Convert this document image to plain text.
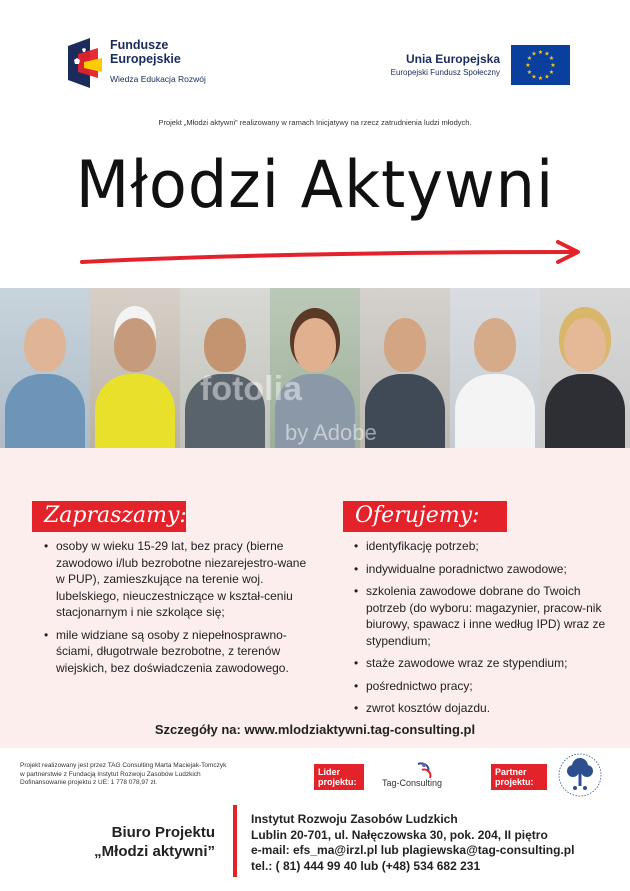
Fundusze
Europejskie
Wiedza Edukacja Rozwój
Unia Europejska
Europejski Fundusz Społeczny
★ ★
★
★
★
★
★
★
★
★
★
★
Projekt „Młodzi aktywni” realizowany w ramach Inicjatywy na rzecz zatrudnienia ludzi młodych.
Młodzi Aktywni
fotolia
by Adobe
Zapraszamy:	Oferujemy:
• osoby w wieku 15-29 lat, bez pracy (bierne zawodowo i/lub bezrobotne niezarejestro-wane w PUP), zamieszkujące na terenie woj. lubelskiego, nieuczestniczące w kształ-ceniu stacjonarnym i nie szkolące się;
• mile widziane są osoby z niepełnosprawno-ściami, długotrwale bezrobotne, z terenów wiejskich, bez doświadczenia zawodowego.
• identyfikację potrzeb;
• indywidualne poradnictwo zawodowe;
• szkolenia zawodowe dobrane do Twoich potrzeb (do wyboru: magazynier, pracow-nik biurowy, spawacz i inne według IPD) wraz ze stypendium;
• staże zawodowe wraz ze stypendium;
• pośrednictwo pracy;
• zwrot kosztów dojazdu.
Szczegóły na: www.mlodziaktywni.tag-consulting.pl
Projekt realizowany jest przez TAG Consulting Marta Maciejak-Tomczyk
w partnerstwie z Fundacją Instytut Rozwoju Zasobów Ludzkich
Dofinansowanie projektu z UE: 1 778 078,97 zł.
Lider
projektu:	Tag-Consulting
Partner
projektu:
Biuro Projektu
„Młodzi aktywni”
Instytut Rozwoju Zasobów Ludzkich
Lublin 20-701, ul. Nałęczowska 30, pok. 204, II piętro
e-mail: efs_ma@irzl.pl lub plagiewska@tag-consulting.pl
tel.: ( 81) 444 99 40 lub (+48) 534 682 231
